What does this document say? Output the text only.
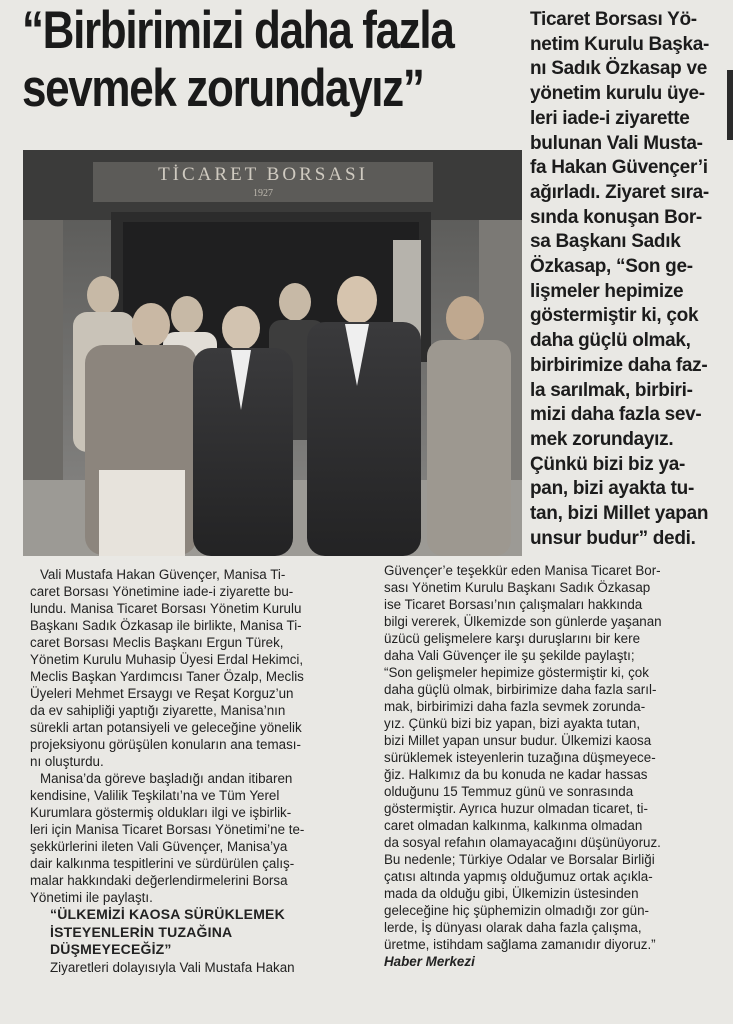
“Birbirimizi daha fazla
sevmek zorundayız”
Ticaret Borsası Yö-
netim Kurulu Başka-
nı Sadık Özkasap ve
yönetim kurulu üye-
leri iade-i ziyarette
bulunan Vali Musta-
fa Hakan Güvençer’i
ağırladı. Ziyaret sıra-
sında konuşan Bor-
sa Başkanı Sadık
Özkasap, “Son ge-
lişmeler hepimize
göstermiştir ki, çok
daha güçlü olmak,
birbirimize daha faz-
la sarılmak, birbiri-
mizi daha fazla sev-
mek zorundayız.
Çünkü bizi biz ya-
pan, bizi ayakta tu-
tan, bizi Millet yapan
unsur budur” dedi.
TİCARET BORSASI
1927
Vali Mustafa Hakan Güvençer, Manisa Ti-
caret Borsası Yönetimine iade-i ziyarette bu-
lundu. Manisa Ticaret Borsası Yönetim Kurulu
Başkanı Sadık Özkasap ile birlikte, Manisa Ti-
caret Borsası Meclis Başkanı Ergun Türek,
Yönetim Kurulu Muhasip Üyesi Erdal Hekimci,
Meclis Başkan Yardımcısı Taner Özalp, Meclis
Üyeleri Mehmet Ersaygı ve Reşat Korguz’un
da ev sahipliği yaptığı ziyarette, Manisa’nın
sürekli artan potansiyeli ve geleceğine yönelik
projeksiyonu görüşülen konuların ana teması-
nı oluşturdu.
Manisa’da göreve başladığı andan itibaren
kendisine, Valilik Teşkilatı’na ve Tüm Yerel
Kurumlara göstermiş oldukları ilgi ve işbirlik-
leri için Manisa Ticaret Borsası Yönetimi’ne te-
şekkürlerini ileten Vali Güvençer, Manisa’ya
dair kalkınma tespitlerini ve sürdürülen çalış-
malar hakkındaki değerlendirmelerini Borsa
Yönetimi ile paylaştı.
“ÜLKEMİZİ KAOSA SÜRÜKLEMEK
İSTEYENLERİN TUZAĞINA
DÜŞMEYECEĞİZ”
Ziyaretleri dolayısıyla Vali Mustafa Hakan
Güvençer’e teşekkür eden Manisa Ticaret Bor-
sası Yönetim Kurulu Başkanı Sadık Özkasap
ise Ticaret Borsası’nın çalışmaları hakkında
bilgi vererek, Ülkemizde son günlerde yaşanan
üzücü gelişmelere karşı duruşlarını bir kere
daha Vali Güvençer ile şu şekilde paylaştı;
“Son gelişmeler hepimize göstermiştir ki, çok
daha güçlü olmak, birbirimize daha fazla sarıl-
mak, birbirimizi daha fazla sevmek zorunda-
yız. Çünkü bizi biz yapan, bizi ayakta tutan,
bizi Millet yapan unsur budur. Ülkemizi kaosa
sürüklemek isteyenlerin tuzağına düşmeyece-
ğiz. Halkımız da bu konuda ne kadar hassas
olduğunu 15 Temmuz günü ve sonrasında
göstermiştir. Ayrıca huzur olmadan ticaret, ti-
caret olmadan kalkınma, kalkınma olmadan
da sosyal refahın olamayacağını düşünüyoruz.
Bu nedenle; Türkiye Odalar ve Borsalar Birliği
çatısı altında yapmış olduğumuz ortak açıkla-
mada da olduğu gibi, Ülkemizin üstesinden
geleceğine hiç şüphemizin olmadığı zor gün-
lerde, İş dünyası olarak daha fazla çalışma,
üretme, istihdam sağlama zamanıdır diyoruz.”
Haber Merkezi
